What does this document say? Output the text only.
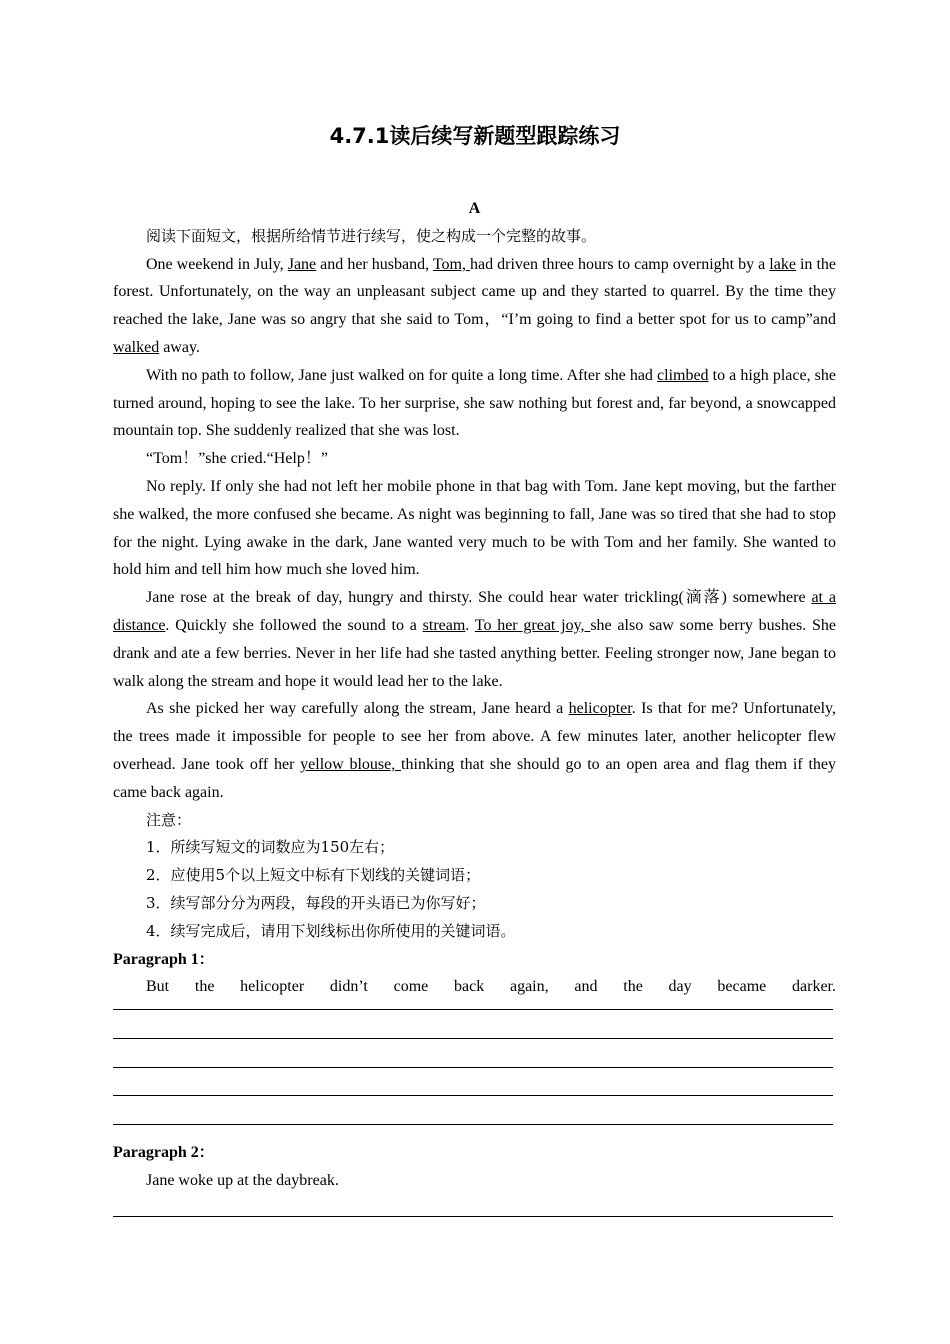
4.7.1读后续写新题型跟踪练习
A

阅读下面短文，根据所给情节进行续写，使之构成一个完整的故事。

One weekend in July, Jane and her husband, Tom, had driven three hours to camp overnight by a lake in the forest. Unfortunately, on the way an unpleasant subject came up and they started to quarrel. By the time they reached the lake, Jane was so angry that she said to Tom，“I’m going to find a better spot for us to camp”and walked away.

With no path to follow, Jane just walked on for quite a long time. After she had climbed to a high place, she turned around, hoping to see the lake. To her surprise, she saw nothing but forest and, far beyond, a snowcapped mountain top. She suddenly realized that she was lost.

“Tom！”she cried.“Help！”

No reply. If only she had not left her mobile phone in that bag with Tom. Jane kept moving, but the farther she walked, the more confused she became. As night was beginning to fall, Jane was so tired that she had to stop for the night. Lying awake in the dark, Jane wanted very much to be with Tom and her family. She wanted to hold him and tell him how much she loved him.

Jane rose at the break of day, hungry and thirsty. She could hear water trickling(滴落) somewhere at a distance. Quickly she followed the sound to a stream. To her great joy, she also saw some berry bushes. She drank and ate a few berries. Never in her life had she tasted anything better. Feeling stronger now, Jane began to walk along the stream and hope it would lead her to the lake.

As she picked her way carefully along the stream, Jane heard a helicopter. Is that for me? Unfortunately, the trees made it impossible for people to see her from above. A few minutes later, another helicopter flew overhead. Jane took off her yellow blouse, thinking that she should go to an open area and flag them if they came back again.

注意：

1．所续写短文的词数应为150左右；

2．应使用5个以上短文中标有下划线的关键词语；

3．续写部分分为两段，每段的开头语已为你写好；

4．续写完成后，请用下划线标出你所使用的关键词语。

Paragraph 1：

But the helicopter didn’t come back again, and the day became darker.

Paragraph 2：

Jane woke up at the daybreak.
